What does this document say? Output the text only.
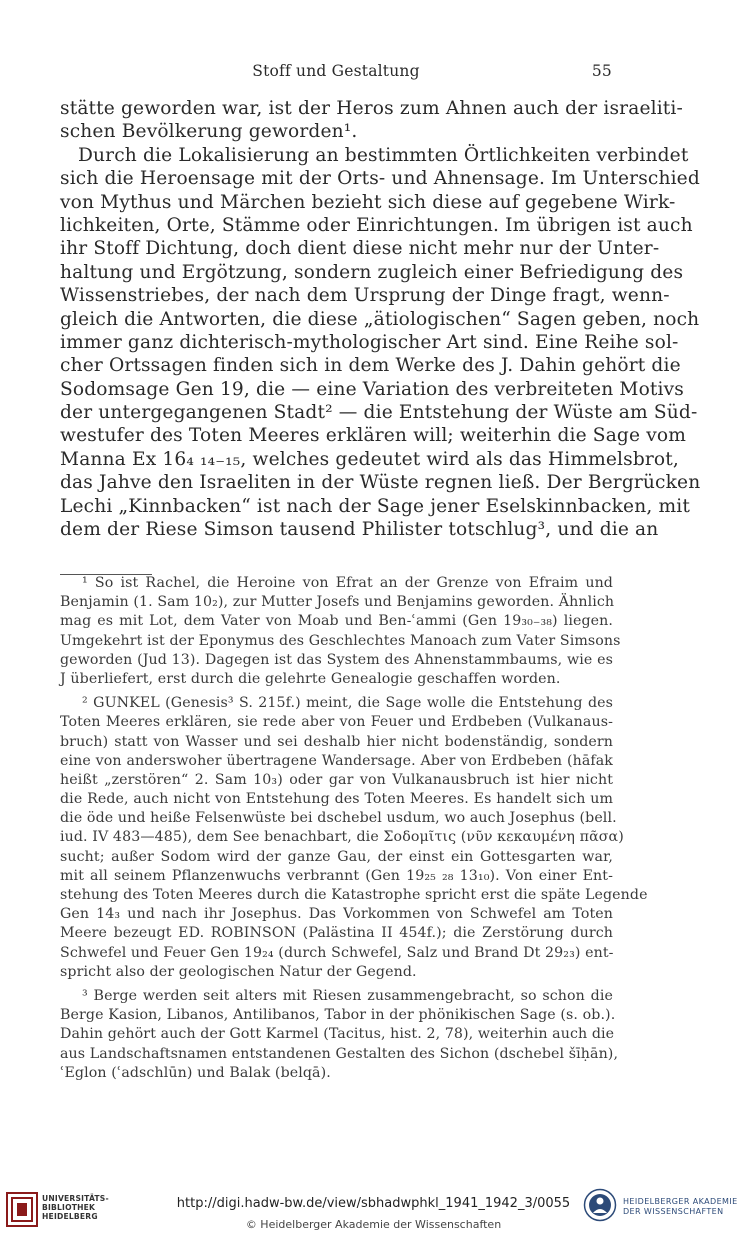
Stoff und Gestaltung	55
stätte geworden war, ist der Heros zum Ahnen auch der israeliti-
schen Bevölkerung geworden¹.
Durch die Lokalisierung an bestimmten Örtlichkeiten verbindet
sich die Heroensage mit der Orts- und Ahnensage. Im Unterschied
von Mythus und Märchen bezieht sich diese auf gegebene Wirk-
lichkeiten, Orte, Stämme oder Einrichtungen. Im übrigen ist auch
ihr Stoff Dichtung, doch dient diese nicht mehr nur der Unter-
haltung und Ergötzung, sondern zugleich einer Befriedigung des
Wissenstriebes, der nach dem Ursprung der Dinge fragt, wenn-
gleich die Antworten, die diese „ätiologischen“ Sagen geben, noch
immer ganz dichterisch-mythologischer Art sind. Eine Reihe sol-
cher Ortssagen finden sich in dem Werke des J. Dahin gehört die
Sodomsage Gen 19, die — eine Variation des verbreiteten Motivs
der untergegangenen Stadt² — die Entstehung der Wüste am Süd-
westufer des Toten Meeres erklären will; weiterhin die Sage vom
Manna Ex 16₄ ₁₄₋₁₅, welches gedeutet wird als das Himmelsbrot,
das Jahve den Israeliten in der Wüste regnen ließ. Der Bergrücken
Lechi „Kinnbacken“ ist nach der Sage jener Eselskinnbacken, mit
dem der Riese Simson tausend Philister totschlug³, und die an
¹ So ist Rachel, die Heroine von Efrat an der Grenze von Efraim und
Benjamin (1. Sam 10₂), zur Mutter Josefs und Benjamins geworden. Ähnlich
mag es mit Lot, dem Vater von Moab und Ben-ʿammi (Gen 19₃₀₋₃₈) liegen.
Umgekehrt ist der Eponymus des Geschlechtes Manoach zum Vater Simsons
geworden (Jud 13). Dagegen ist das System des Ahnenstammbaums, wie es
J überliefert, erst durch die gelehrte Genealogie geschaffen worden.
² GUNKEL (Genesis³ S. 215f.) meint, die Sage wolle die Entstehung des
Toten Meeres erklären, sie rede aber von Feuer und Erdbeben (Vulkanaus-
bruch) statt von Wasser und sei deshalb hier nicht bodenständig, sondern
eine von anderswoher übertragene Wandersage. Aber von Erdbeben (hāfak
heißt „zerstören“ 2. Sam 10₃) oder gar von Vulkanausbruch ist hier nicht
die Rede, auch nicht von Entstehung des Toten Meeres. Es handelt sich um
die öde und heiße Felsenwüste bei dschebel usdum, wo auch Josephus (bell.
iud. IV 483—485), dem See benachbart, die Σοδομῖτις (νῦν κεκαυμένη πᾶσα)
sucht; außer Sodom wird der ganze Gau, der einst ein Gottesgarten war,
mit all seinem Pflanzenwuchs verbrannt (Gen 19₂₅ ₂₈ 13₁₀). Von einer Ent-
stehung des Toten Meeres durch die Katastrophe spricht erst die späte Legende
Gen 14₃ und nach ihr Josephus. Das Vorkommen von Schwefel am Toten
Meere bezeugt ED. ROBINSON (Palästina II 454f.); die Zerstörung durch
Schwefel und Feuer Gen 19₂₄ (durch Schwefel, Salz und Brand Dt 29₂₃) ent-
spricht also der geologischen Natur der Gegend.
³ Berge werden seit alters mit Riesen zusammengebracht, so schon die
Berge Kasion, Libanos, Antilibanos, Tabor in der phönikischen Sage (s. ob.).
Dahin gehört auch der Gott Karmel (Tacitus, hist. 2, 78), weiterhin auch die
aus Landschaftsnamen entstandenen Gestalten des Sichon (dschebel šīḥān),
ʿEglon (ʿadschlūn) und Balak (belqā).
UNIVERSITÄTS-
BIBLIOTHEK
HEIDELBERG
http://digi.hadw-bw.de/view/sbhadwphkl_1941_1942_3/0055
© Heidelberger Akademie der Wissenschaften
HEIDELBERGER AKADEMIE
DER WISSENSCHAFTEN
